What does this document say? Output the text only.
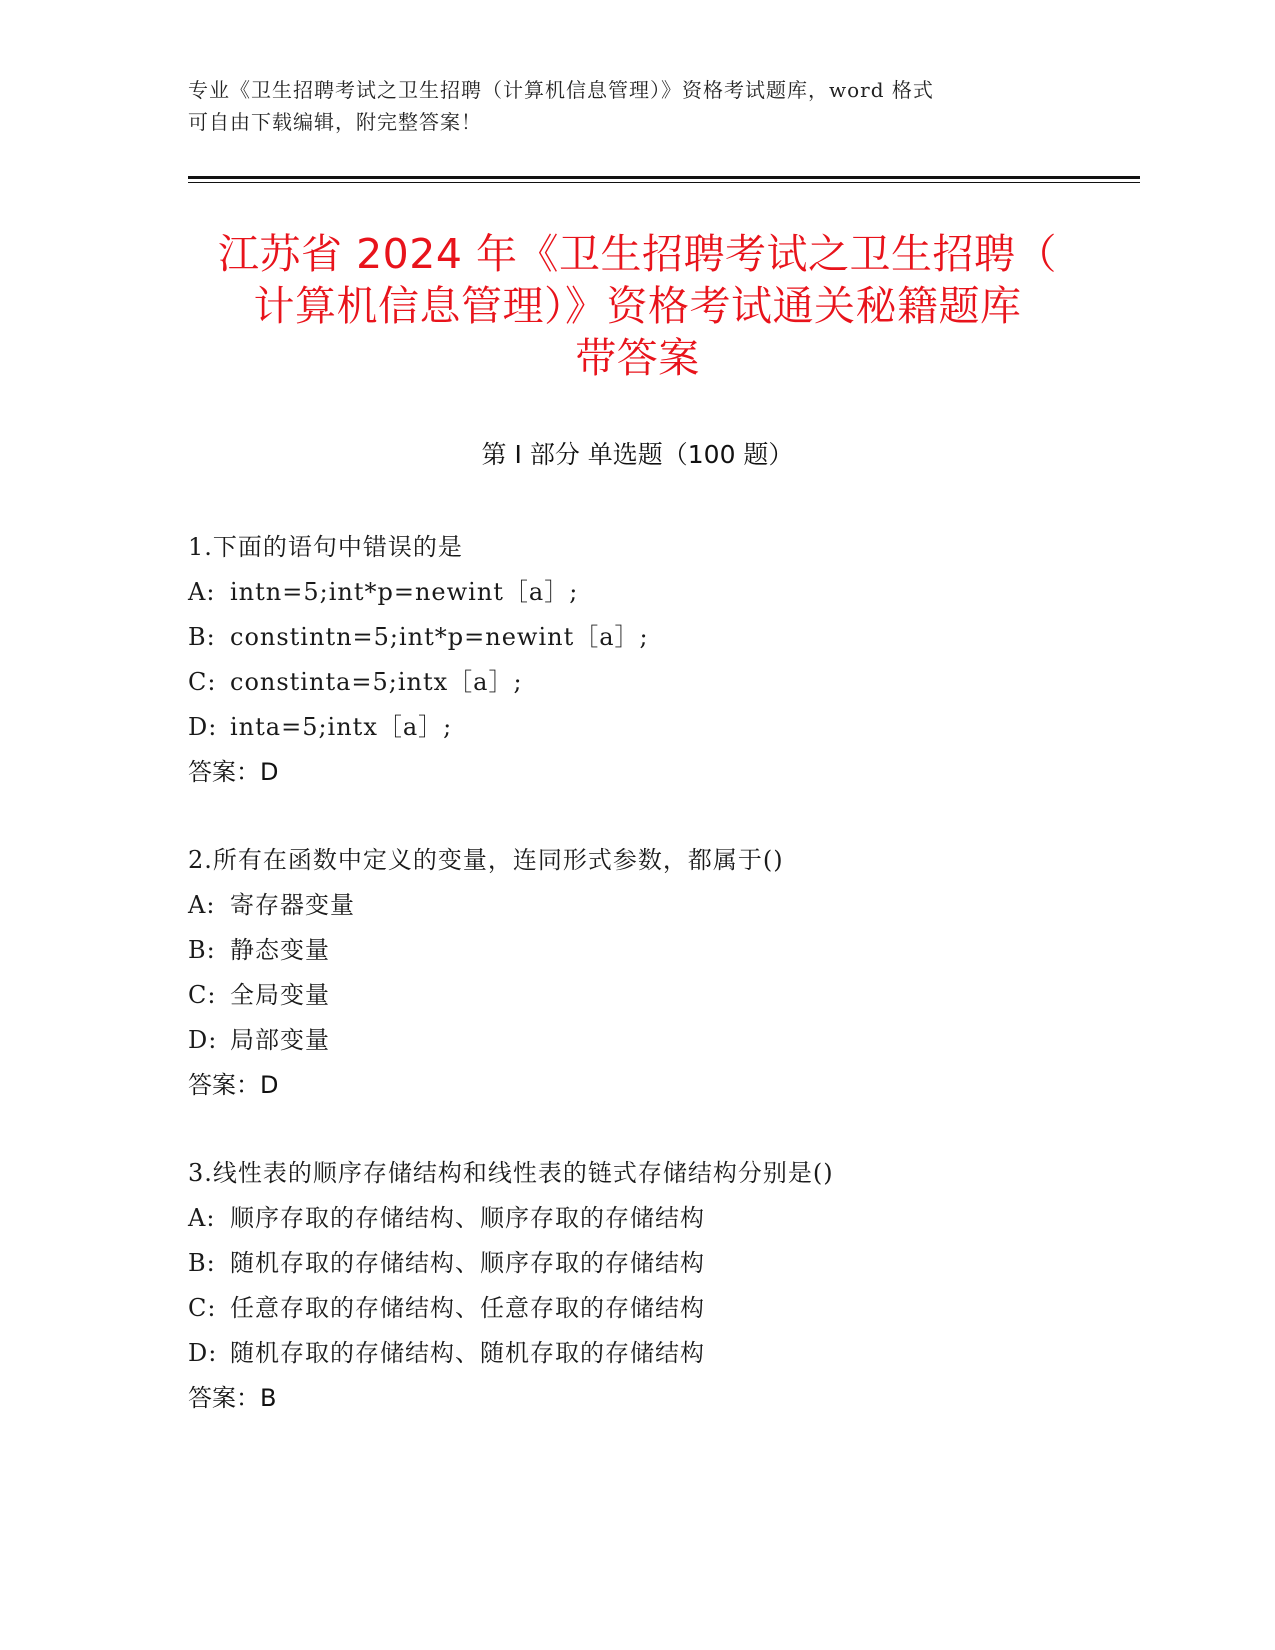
专业《卫生招聘考试之卫生招聘（计算机信息管理）》资格考试题库，word 格式
可自由下载编辑，附完整答案！
江苏省 2024 年《卫生招聘考试之卫生招聘（
计算机信息管理）》资格考试通关秘籍题库
带答案
第 I 部分 单选题（100 题）
1.下面的语句中错误的是
A: intn=5;int*p=newint［a］;
B: constintn=5;int*p=newint［a］;
C: constinta=5;intx［a］;
D: inta=5;intx［a］;
答案：D
2.所有在函数中定义的变量，连同形式参数，都属于()
A: 寄存器变量
B: 静态变量
C: 全局变量
D: 局部变量
答案：D
3.线性表的顺序存储结构和线性表的链式存储结构分别是()
A: 顺序存取的存储结构、顺序存取的存储结构
B: 随机存取的存储结构、顺序存取的存储结构
C: 任意存取的存储结构、任意存取的存储结构
D: 随机存取的存储结构、随机存取的存储结构
答案：B
